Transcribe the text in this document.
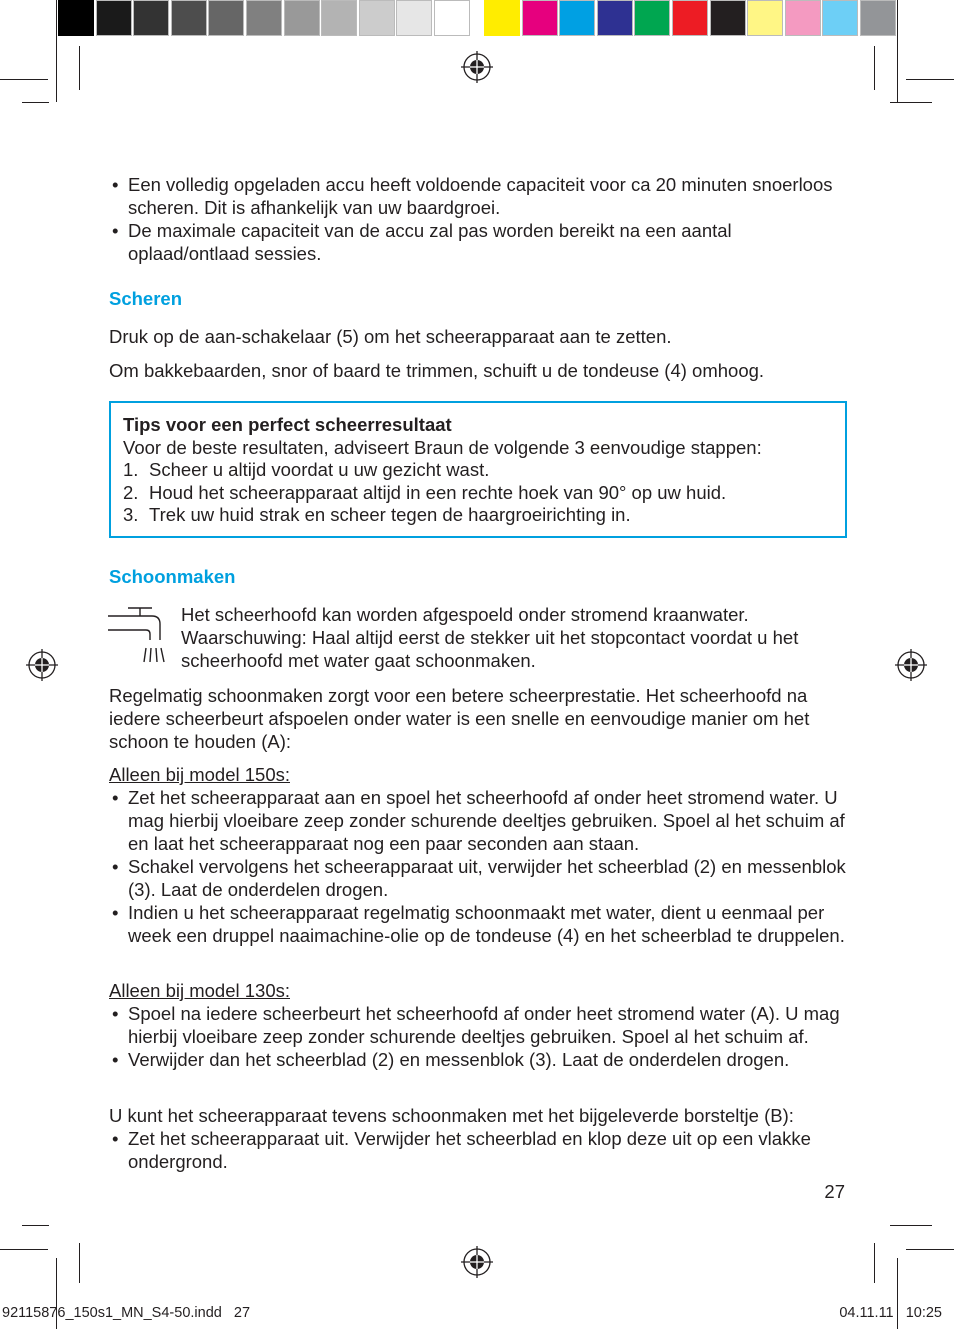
• Een volledig opgeladen accu heeft voldoende capaciteit voor ca 20 minuten snoerloos scheren. Dit is afhankelijk van uw baardgroei.
• De maximale capaciteit van de accu zal pas worden bereikt na een aantal oplaad/ontlaad sessies.
Scheren

Druk op de aan-schakelaar (5) om het scheerapparaat aan te zetten.

Om bakkebaarden, snor of baard te trimmen, schuift u de tondeuse (4) omhoog.

Tips voor een perfect scheerresultaat
Voor de beste resultaten, adviseert Braun de volgende 3 eenvoudige stappen:
1. Scheer u altijd voordat u uw gezicht wast.
2. Houd het scheerapparaat altijd in een rechte hoek van 90° op uw huid.
3. Trek uw huid strak en scheer tegen de haargroeirichting in.
Schoonmaken

Het scheerhoofd kan worden afgespoeld onder stromend kraanwater. Waarschuwing: Haal altijd eerst de stekker uit het stopcontact voordat u het scheerhoofd met water gaat schoonmaken.

Regelmatig schoonmaken zorgt voor een betere scheerprestatie. Het scheerhoofd na iedere scheerbeurt afspoelen onder water is een snelle en eenvoudige manier om het schoon te houden (A):

Alleen bij model 150s:
• Zet het scheerapparaat aan en spoel het scheerhoofd af onder heet stromend water. U mag hierbij vloeibare zeep zonder schurende deeltjes gebruiken. Spoel al het schuim af en laat het scheerapparaat nog een paar seconden aan staan.
• Schakel vervolgens het scheerapparaat uit, verwijder het scheerblad (2) en messenblok (3). Laat de onderdelen drogen.
• Indien u het scheerapparaat regelmatig schoonmaakt met water, dient u eenmaal per week een druppel naaimachine-olie op de tondeuse (4) en het scheerblad te druppelen.
Alleen bij model 130s:
• Spoel na iedere scheerbeurt het scheerhoofd af onder heet stromend water (A). U mag hierbij vloeibare zeep zonder schurende deeltjes gebruiken. Spoel al het schuim af.
• Verwijder dan het scheerblad (2) en messenblok (3). Laat de onderdelen drogen.

U kunt het scheerapparaat tevens schoonmaken met het bijgeleverde borsteltje (B):

• Zet het scheerapparaat uit. Verwijder het scheerblad en klop deze uit op een vlakke ondergrond.
27
92115876_150s1_MN_S4-50.indd   27	04.11.11   10:25
